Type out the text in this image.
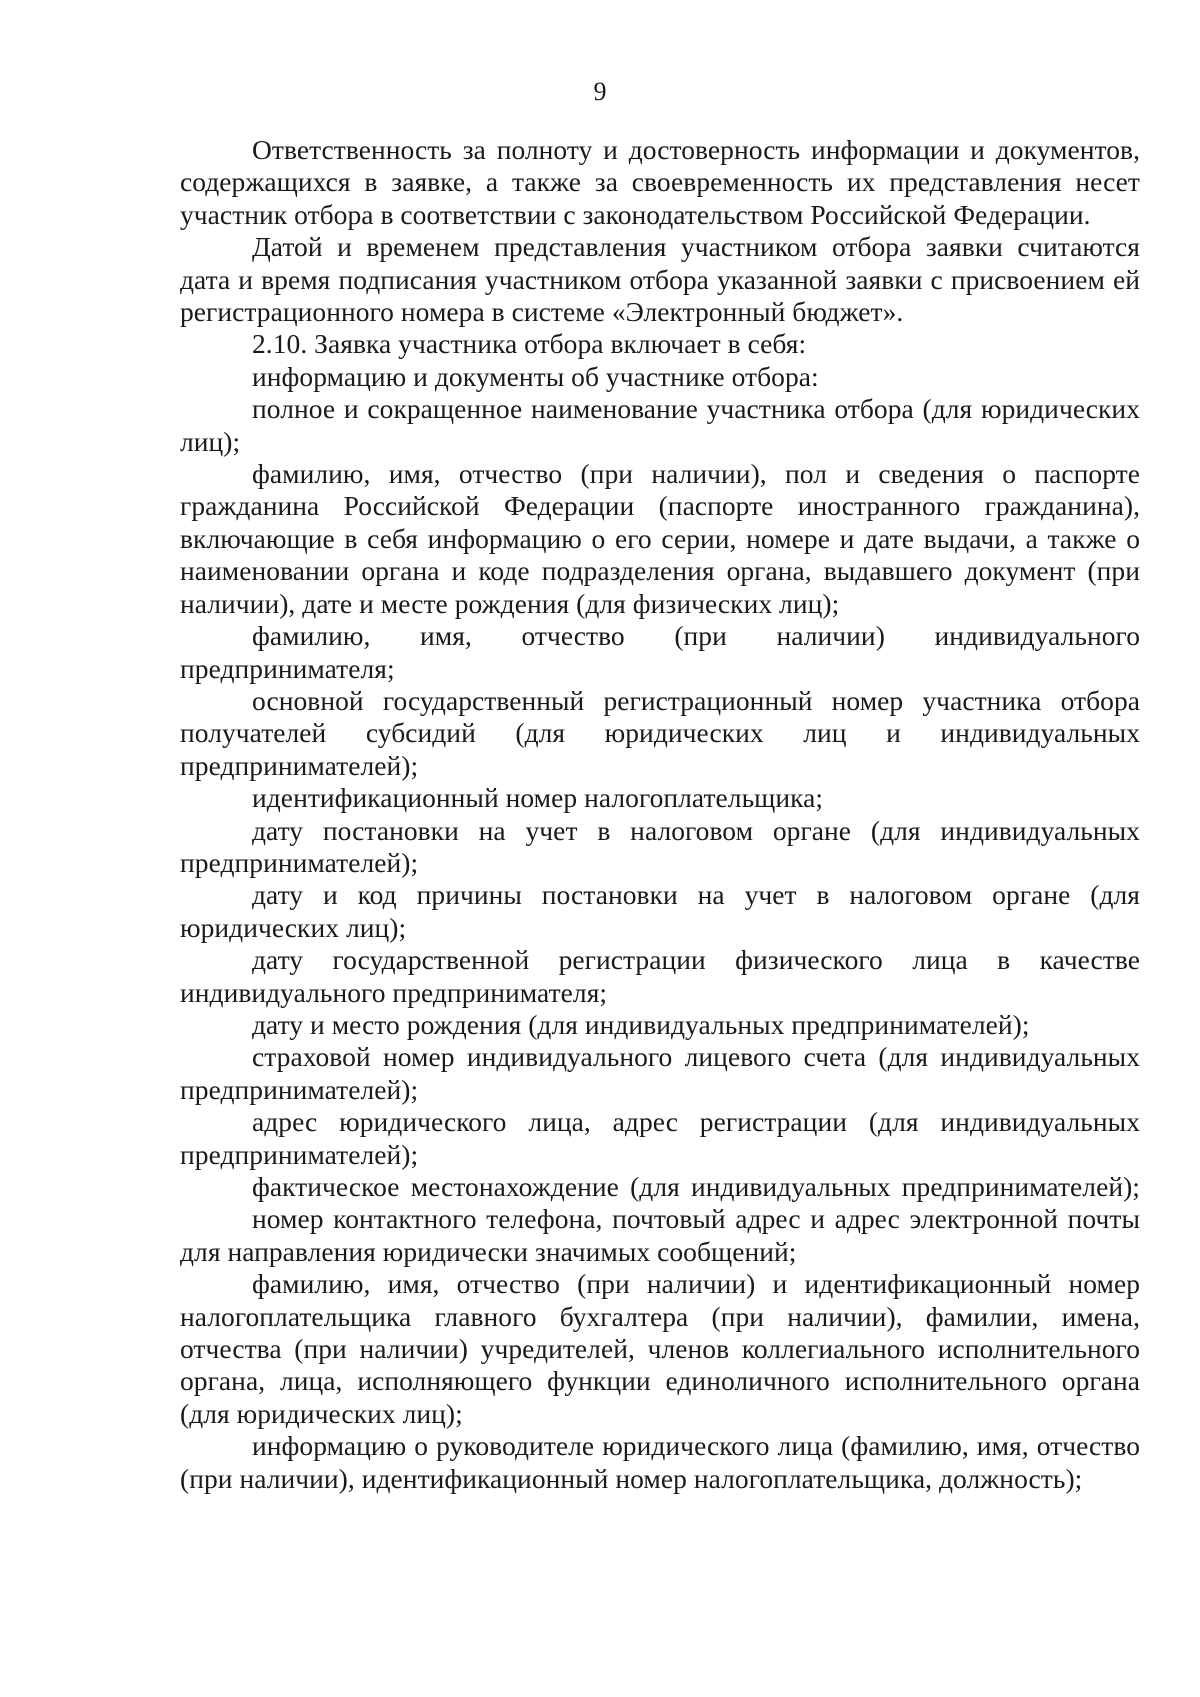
9

Ответственность за полноту и достоверность информации и документов, содержащихся в заявке, а также за своевременность их представления несет участник отбора в соответствии с законодательством Российской Федерации.

Датой и временем представления участником отбора заявки считаются дата и время подписания участником отбора указанной заявки с присвоением ей регистрационного номера в системе «Электронный бюджет».

2.10. Заявка участника отбора включает в себя:

информацию и документы об участнике отбора:

полное и сокращенное наименование участника отбора (для юридических лиц);

фамилию, имя, отчество (при наличии), пол и сведения о паспорте гражданина Российской Федерации (паспорте иностранного гражданина), включающие в себя информацию о его серии, номере и дате выдачи, а также о наименовании органа и коде подразделения органа, выдавшего документ (при наличии), дате и месте рождения (для физических лиц);

фамилию, имя, отчество (при наличии) индивидуального предпринимателя;

основной государственный регистрационный номер участника отбора получателей субсидий (для юридических лиц и индивидуальных предпринимателей);

идентификационный номер налогоплательщика;

дату постановки на учет в налоговом органе (для индивидуальных предпринимателей);

дату и код причины постановки на учет в налоговом органе (для юридических лиц);

дату государственной регистрации физического лица в качестве индивидуального предпринимателя;

дату и место рождения (для индивидуальных предпринимателей);

страховой номер индивидуального лицевого счета (для индивидуальных предпринимателей);

адрес юридического лица, адрес регистрации (для индивидуальных предпринимателей);

фактическое местонахождение (для индивидуальных предпринимателей);

номер контактного телефона, почтовый адрес и адрес электронной почты для направления юридически значимых сообщений;

фамилию, имя, отчество (при наличии) и идентификационный номер налогоплательщика главного бухгалтера (при наличии), фамилии, имена, отчества (при наличии) учредителей, членов коллегиального исполнительного органа, лица, исполняющего функции единоличного исполнительного органа (для юридических лиц);

информацию о руководителе юридического лица (фамилию, имя, отчество (при наличии), идентификационный номер налогоплательщика, должность);
